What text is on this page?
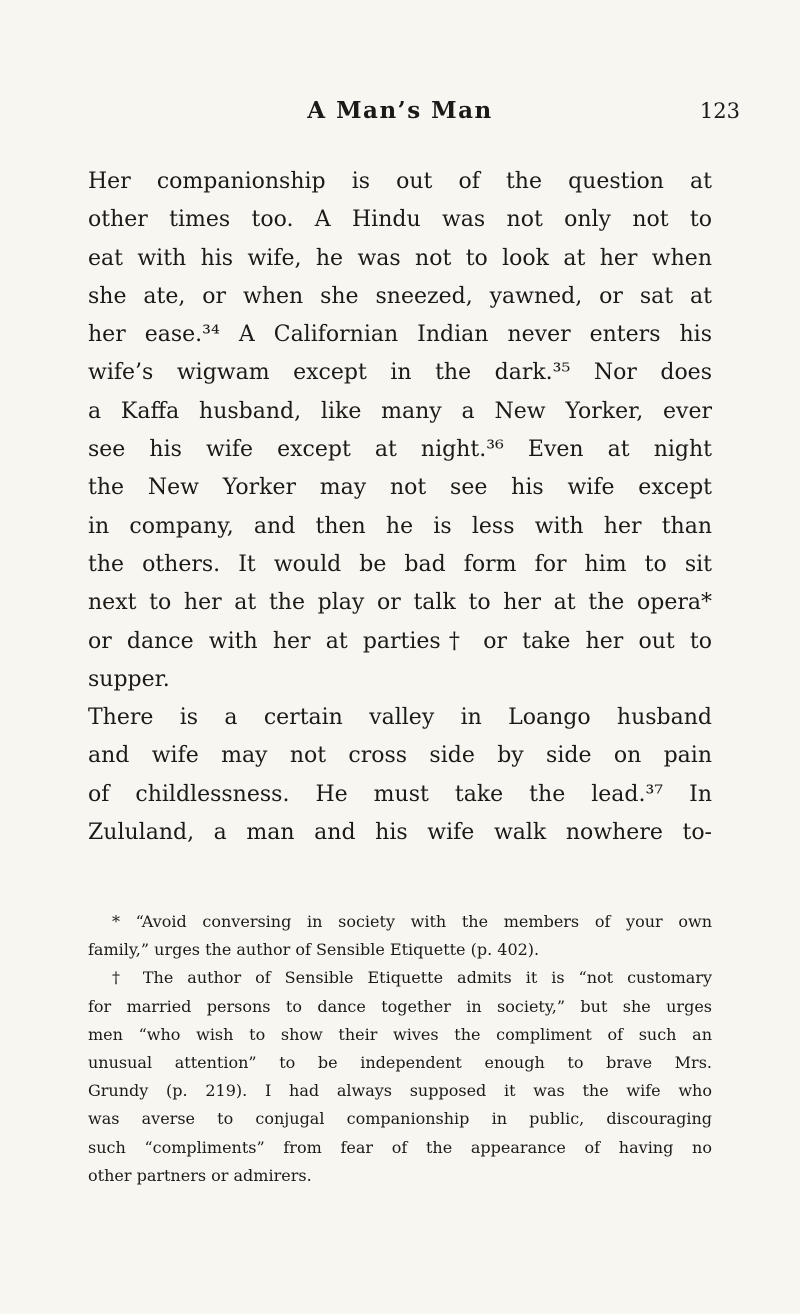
A Man’s Man	123
Her companionship is out of the question at
other times too. A Hindu was not only not to
eat with his wife, he was not to look at her when
she ate, or when she sneezed, yawned, or sat at
her ease.³⁴ A Californian Indian never enters his
wife’s wigwam except in the dark.³⁵ Nor does
a Kaffa husband, like many a New Yorker, ever
see his wife except at night.³⁶ Even at night
the New Yorker may not see his wife except
in company, and then he is less with her than
the others. It would be bad form for him to sit
next to her at the play or talk to her at the opera*
or dance with her at parties† or take her out to
supper.
There is a certain valley in Loango husband
and wife may not cross side by side on pain
of childlessness. He must take the lead.³⁷ In
Zululand, a man and his wife walk nowhere to-
* “Avoid conversing in society with the members of your own
family,” urges the author of Sensible Etiquette (p. 402).
† The author of Sensible Etiquette admits it is “not customary
for married persons to dance together in society,” but she urges
men “who wish to show their wives the compliment of such an
unusual attention” to be independent enough to brave Mrs.
Grundy (p. 219). I had always supposed it was the wife who
was averse to conjugal companionship in public, discouraging
such “compliments” from fear of the appearance of having no
other partners or admirers.
